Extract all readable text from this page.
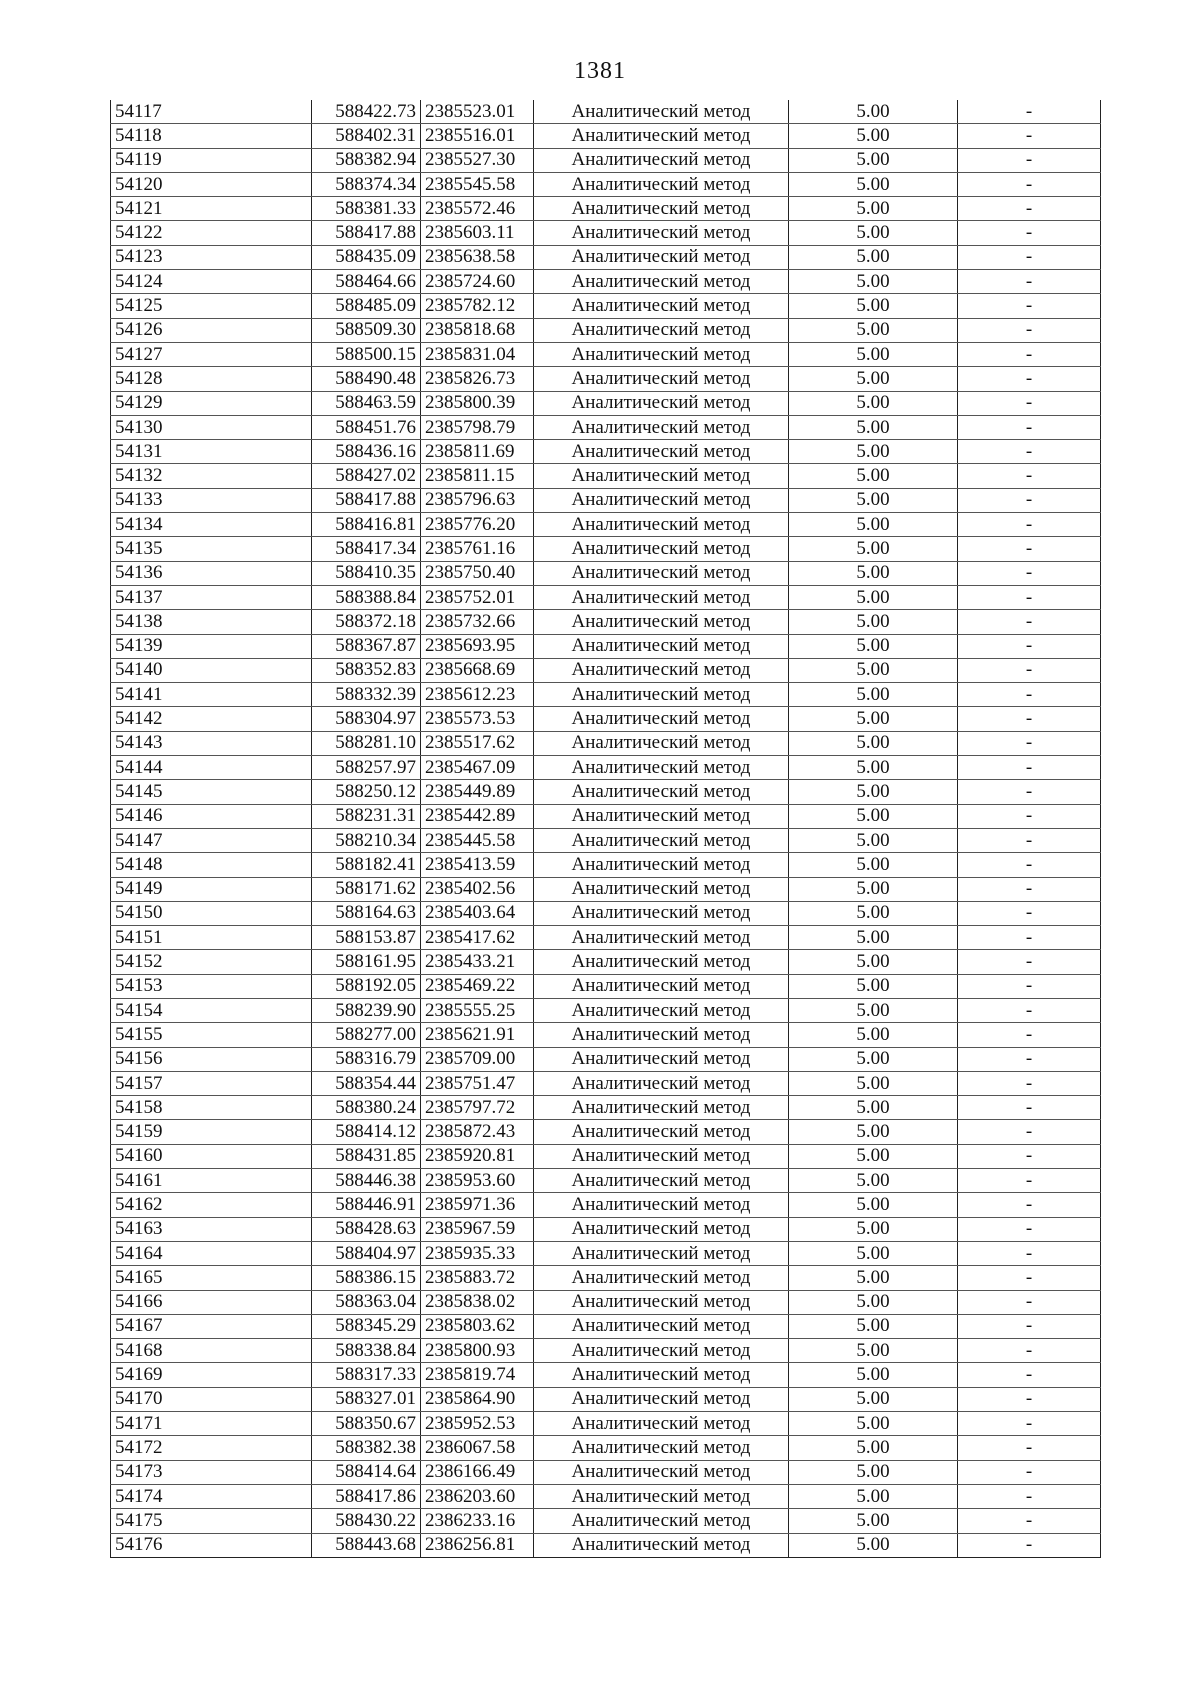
1381
54117	588422.73	2385523.01	Аналитический метод	5.00	-
54118	588402.31	2385516.01	Аналитический метод	5.00	-
54119	588382.94	2385527.30	Аналитический метод	5.00	-
54120	588374.34	2385545.58	Аналитический метод	5.00	-
54121	588381.33	2385572.46	Аналитический метод	5.00	-
54122	588417.88	2385603.11	Аналитический метод	5.00	-
54123	588435.09	2385638.58	Аналитический метод	5.00	-
54124	588464.66	2385724.60	Аналитический метод	5.00	-
54125	588485.09	2385782.12	Аналитический метод	5.00	-
54126	588509.30	2385818.68	Аналитический метод	5.00	-
54127	588500.15	2385831.04	Аналитический метод	5.00	-
54128	588490.48	2385826.73	Аналитический метод	5.00	-
54129	588463.59	2385800.39	Аналитический метод	5.00	-
54130	588451.76	2385798.79	Аналитический метод	5.00	-
54131	588436.16	2385811.69	Аналитический метод	5.00	-
54132	588427.02	2385811.15	Аналитический метод	5.00	-
54133	588417.88	2385796.63	Аналитический метод	5.00	-
54134	588416.81	2385776.20	Аналитический метод	5.00	-
54135	588417.34	2385761.16	Аналитический метод	5.00	-
54136	588410.35	2385750.40	Аналитический метод	5.00	-
54137	588388.84	2385752.01	Аналитический метод	5.00	-
54138	588372.18	2385732.66	Аналитический метод	5.00	-
54139	588367.87	2385693.95	Аналитический метод	5.00	-
54140	588352.83	2385668.69	Аналитический метод	5.00	-
54141	588332.39	2385612.23	Аналитический метод	5.00	-
54142	588304.97	2385573.53	Аналитический метод	5.00	-
54143	588281.10	2385517.62	Аналитический метод	5.00	-
54144	588257.97	2385467.09	Аналитический метод	5.00	-
54145	588250.12	2385449.89	Аналитический метод	5.00	-
54146	588231.31	2385442.89	Аналитический метод	5.00	-
54147	588210.34	2385445.58	Аналитический метод	5.00	-
54148	588182.41	2385413.59	Аналитический метод	5.00	-
54149	588171.62	2385402.56	Аналитический метод	5.00	-
54150	588164.63	2385403.64	Аналитический метод	5.00	-
54151	588153.87	2385417.62	Аналитический метод	5.00	-
54152	588161.95	2385433.21	Аналитический метод	5.00	-
54153	588192.05	2385469.22	Аналитический метод	5.00	-
54154	588239.90	2385555.25	Аналитический метод	5.00	-
54155	588277.00	2385621.91	Аналитический метод	5.00	-
54156	588316.79	2385709.00	Аналитический метод	5.00	-
54157	588354.44	2385751.47	Аналитический метод	5.00	-
54158	588380.24	2385797.72	Аналитический метод	5.00	-
54159	588414.12	2385872.43	Аналитический метод	5.00	-
54160	588431.85	2385920.81	Аналитический метод	5.00	-
54161	588446.38	2385953.60	Аналитический метод	5.00	-
54162	588446.91	2385971.36	Аналитический метод	5.00	-
54163	588428.63	2385967.59	Аналитический метод	5.00	-
54164	588404.97	2385935.33	Аналитический метод	5.00	-
54165	588386.15	2385883.72	Аналитический метод	5.00	-
54166	588363.04	2385838.02	Аналитический метод	5.00	-
54167	588345.29	2385803.62	Аналитический метод	5.00	-
54168	588338.84	2385800.93	Аналитический метод	5.00	-
54169	588317.33	2385819.74	Аналитический метод	5.00	-
54170	588327.01	2385864.90	Аналитический метод	5.00	-
54171	588350.67	2385952.53	Аналитический метод	5.00	-
54172	588382.38	2386067.58	Аналитический метод	5.00	-
54173	588414.64	2386166.49	Аналитический метод	5.00	-
54174	588417.86	2386203.60	Аналитический метод	5.00	-
54175	588430.22	2386233.16	Аналитический метод	5.00	-
54176	588443.68	2386256.81	Аналитический метод	5.00	-
